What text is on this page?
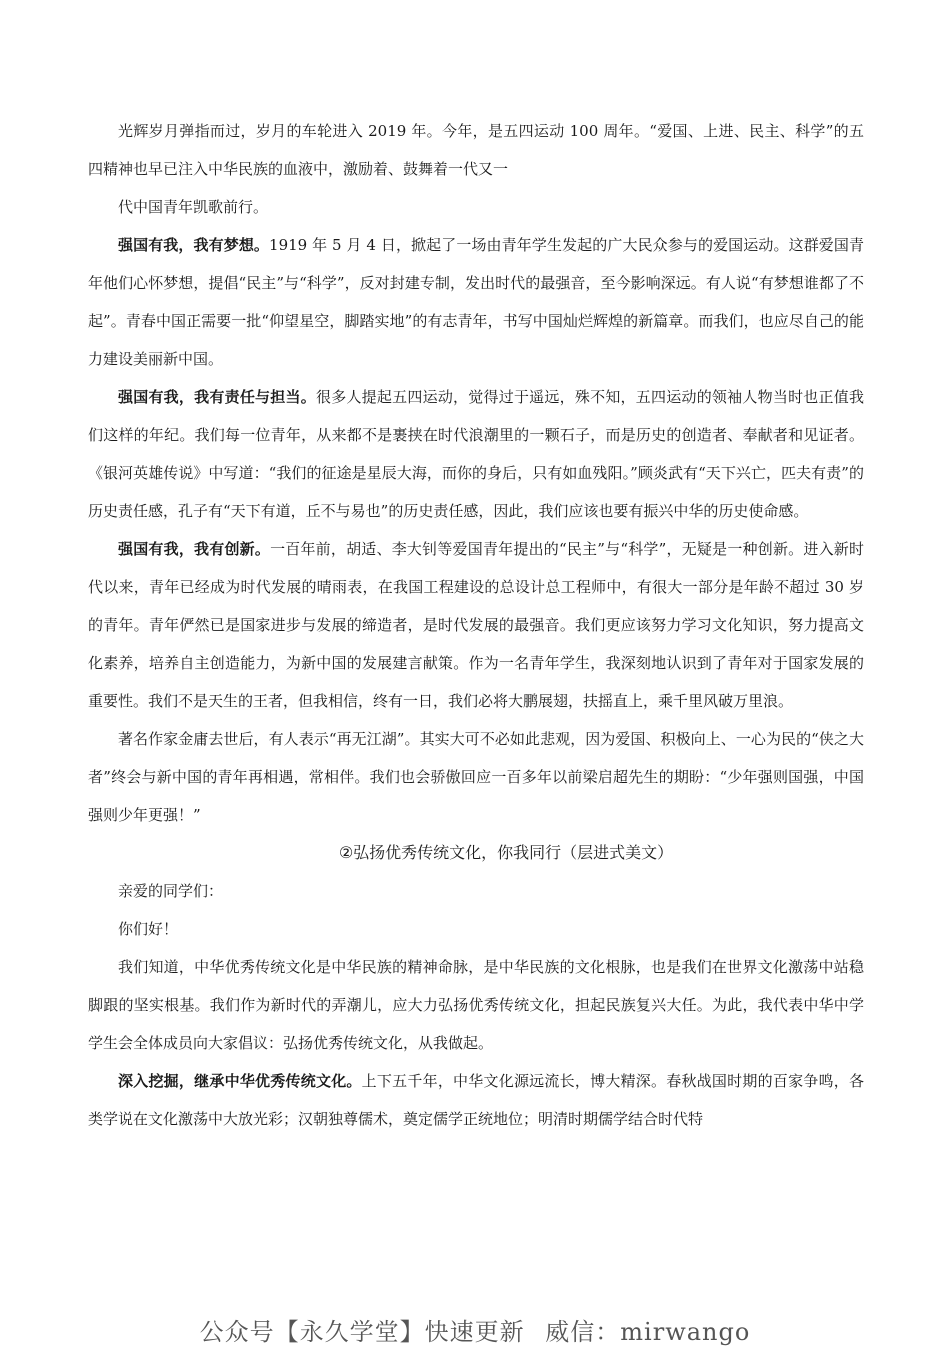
光辉岁月弹指而过，岁月的车轮进入 2019 年。今年，是五四运动 100 周年。“爱国、上进、民主、科学”的五四精神也早已注入中华民族的血液中，激励着、鼓舞着一代又一

代中国青年凯歌前行。

强国有我，我有梦想。1919 年 5 月 4 日，掀起了一场由青年学生发起的广大民众参与的爱国运动。这群爱国青年他们心怀梦想，提倡“民主”与“科学”，反对封建专制，发出时代的最强音，至今影响深远。有人说“有梦想谁都了不起”。青春中国正需要一批“仰望星空，脚踏实地”的有志青年，书写中国灿烂辉煌的新篇章。而我们，也应尽自己的能力建设美丽新中国。

强国有我，我有责任与担当。很多人提起五四运动，觉得过于遥远，殊不知，五四运动的领袖人物当时也正值我们这样的年纪。我们每一位青年，从来都不是裹挟在时代浪潮里的一颗石子，而是历史的创造者、奉献者和见证者。《银河英雄传说》中写道：“我们的征途是星辰大海，而你的身后，只有如血残阳。”顾炎武有“天下兴亡，匹夫有责”的历史责任感，孔子有“天下有道，丘不与易也”的历史责任感，因此，我们应该也要有振兴中华的历史使命感。

强国有我，我有创新。一百年前，胡适、李大钊等爱国青年提出的“民主”与“科学”，无疑是一种创新。进入新时代以来，青年已经成为时代发展的晴雨表，在我国工程建设的总设计总工程师中，有很大一部分是年龄不超过 30 岁的青年。青年俨然已是国家进步与发展的缔造者，是时代发展的最强音。我们更应该努力学习文化知识，努力提高文化素养，培养自主创造能力，为新中国的发展建言献策。作为一名青年学生，我深刻地认识到了青年对于国家发展的重要性。我们不是天生的王者，但我相信，终有一日，我们必将大鹏展翅，扶摇直上，乘千里风破万里浪。

著名作家金庸去世后，有人表示“再无江湖”。其实大可不必如此悲观，因为爱国、积极向上、一心为民的“侠之大者”终会与新中国的青年再相遇，常相伴。我们也会骄傲回应一百多年以前梁启超先生的期盼：“少年强则国强，中国强则少年更强！”

②弘扬优秀传统文化，你我同行（层进式美文）

亲爱的同学们：

你们好！

我们知道，中华优秀传统文化是中华民族的精神命脉，是中华民族的文化根脉，也是我们在世界文化激荡中站稳脚跟的坚实根基。我们作为新时代的弄潮儿，应大力弘扬优秀传统文化，担起民族复兴大任。为此，我代表中华中学学生会全体成员向大家倡议：弘扬优秀传统文化，从我做起。

深入挖掘，继承中华优秀传统文化。上下五千年，中华文化源远流长，博大精深。春秋战国时期的百家争鸣，各类学说在文化激荡中大放光彩；汉朝独尊儒术，奠定儒学正统地位；明清时期儒学结合时代特

公众号【永久学堂】快速更新 威信：mirwango
